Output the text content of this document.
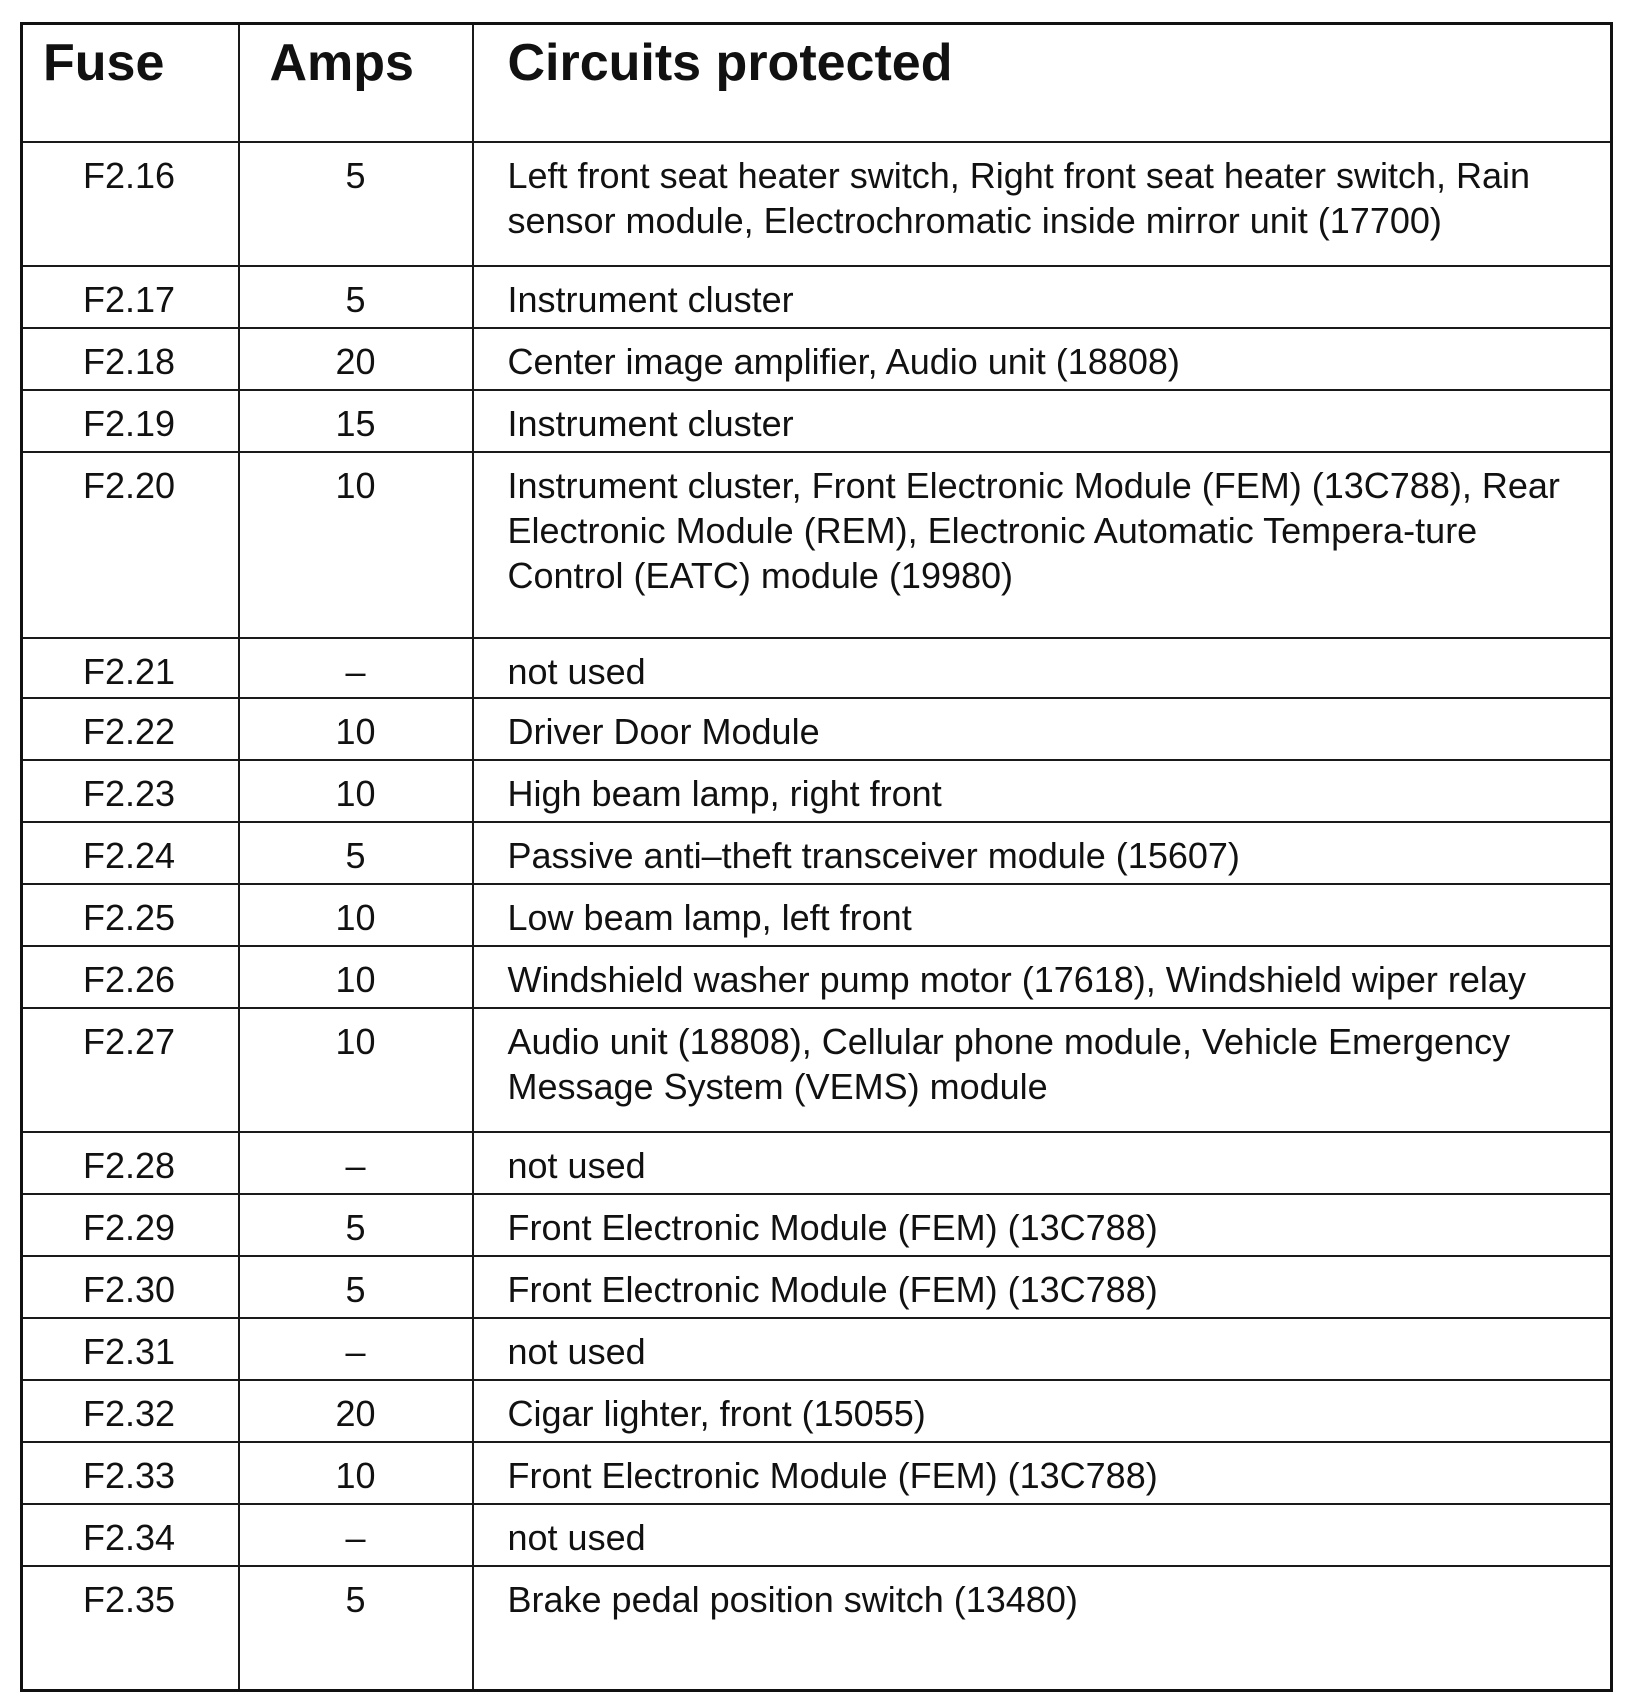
Fuse	Amps	Circuits protected
F2.16	5	Left front seat heater switch, Right front seat heater switch, Rain sensor module, Electrochromatic inside mirror unit (17700)
F2.17	5	Instrument cluster
F2.18	20	Center image amplifier, Audio unit (18808)
F2.19	15	Instrument cluster
F2.20	10	Instrument cluster, Front Electronic Module (FEM) (13C788), Rear Electronic Module (REM), Electronic Automatic Tempera-ture Control (EATC) module (19980)
F2.21	–	not used
F2.22	10	Driver Door Module
F2.23	10	High beam lamp, right front
F2.24	5	Passive anti–theft transceiver module (15607)
F2.25	10	Low beam lamp, left front
F2.26	10	Windshield washer pump motor (17618), Windshield wiper relay
F2.27	10	Audio unit (18808), Cellular phone module, Vehicle Emergency Message System (VEMS) module
F2.28	–	not used
F2.29	5	Front Electronic Module (FEM) (13C788)
F2.30	5	Front Electronic Module (FEM) (13C788)
F2.31	–	not used
F2.32	20	Cigar lighter, front (15055)
F2.33	10	Front Electronic Module (FEM) (13C788)
F2.34	–	not used
F2.35	5	Brake pedal position switch (13480)
